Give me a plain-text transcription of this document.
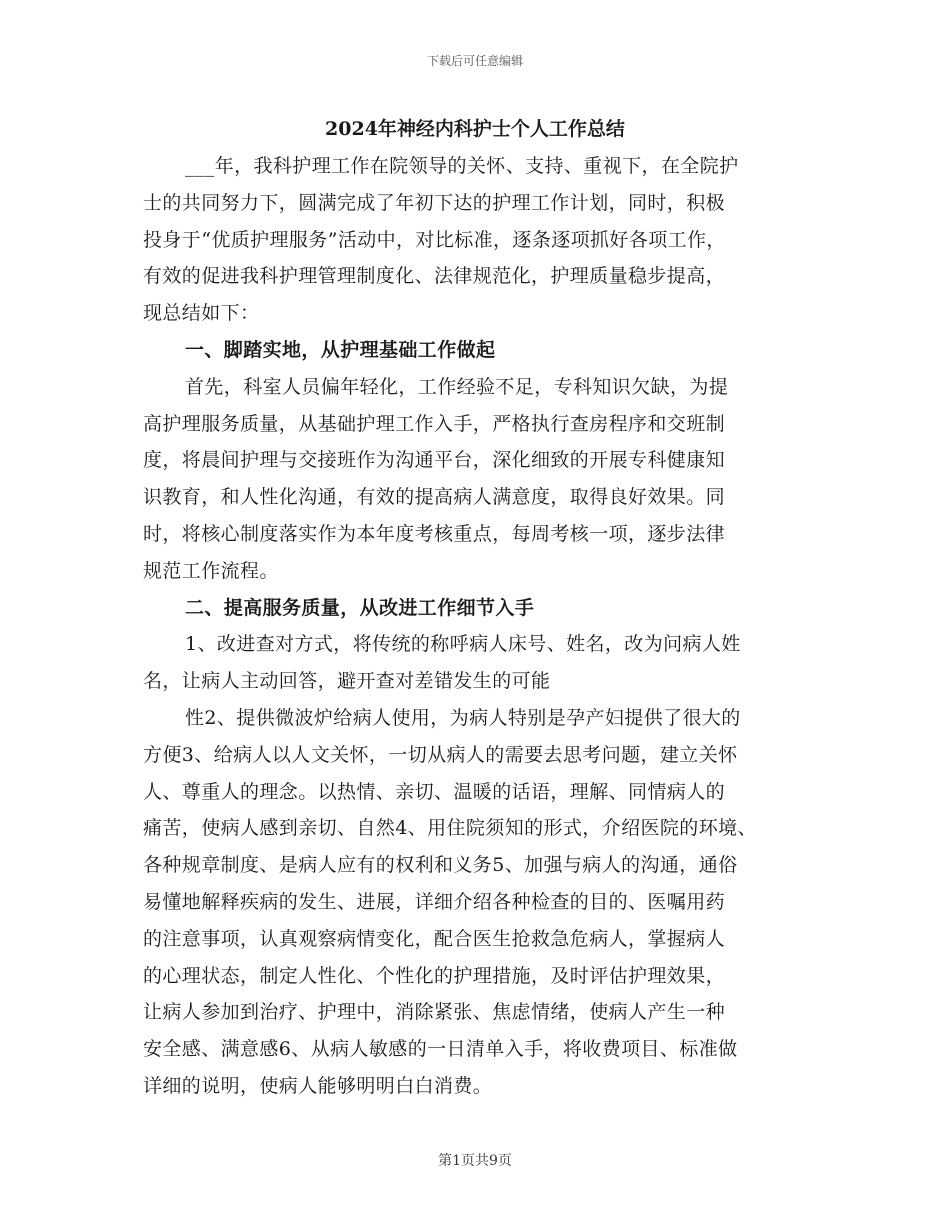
下载后可任意编辑
2024年神经内科护士个人工作总结
___年，我科护理工作在院领导的关怀、支持、重视下，在全院护
士的共同努力下，圆满完成了年初下达的护理工作计划，同时，积极
投身于“优质护理服务”活动中，对比标准，逐条逐项抓好各项工作，
有效的促进我科护理管理制度化、法律规范化，护理质量稳步提高，
现总结如下：
一、脚踏实地，从护理基础工作做起
首先，科室人员偏年轻化，工作经验不足，专科知识欠缺，为提
高护理服务质量，从基础护理工作入手，严格执行查房程序和交班制
度，将晨间护理与交接班作为沟通平台，深化细致的开展专科健康知
识教育，和人性化沟通，有效的提高病人满意度，取得良好效果。同
时，将核心制度落实作为本年度考核重点，每周考核一项，逐步法律
规范工作流程。
二、提高服务质量，从改进工作细节入手
1、改进查对方式，将传统的称呼病人床号、姓名，改为问病人姓
名，让病人主动回答，避开查对差错发生的可能
性2、提供微波炉给病人使用，为病人特别是孕产妇提供了很大的
方便3、给病人以人文关怀，一切从病人的需要去思考问题，建立关怀
人、尊重人的理念。以热情、亲切、温暖的话语，理解、同情病人的
痛苦，使病人感到亲切、自然4、用住院须知的形式，介绍医院的环境、
各种规章制度、是病人应有的权利和义务5、加强与病人的沟通，通俗
易懂地解释疾病的发生、进展，详细介绍各种检查的目的、医嘱用药
的注意事项，认真观察病情变化，配合医生抢救急危病人，掌握病人
的心理状态，制定人性化、个性化的护理措施，及时评估护理效果，
让病人参加到治疗、护理中，消除紧张、焦虑情绪，使病人产生一种
安全感、满意感6、从病人敏感的一日清单入手，将收费项目、标准做
详细的说明，使病人能够明明白白消费。
第1页共9页
